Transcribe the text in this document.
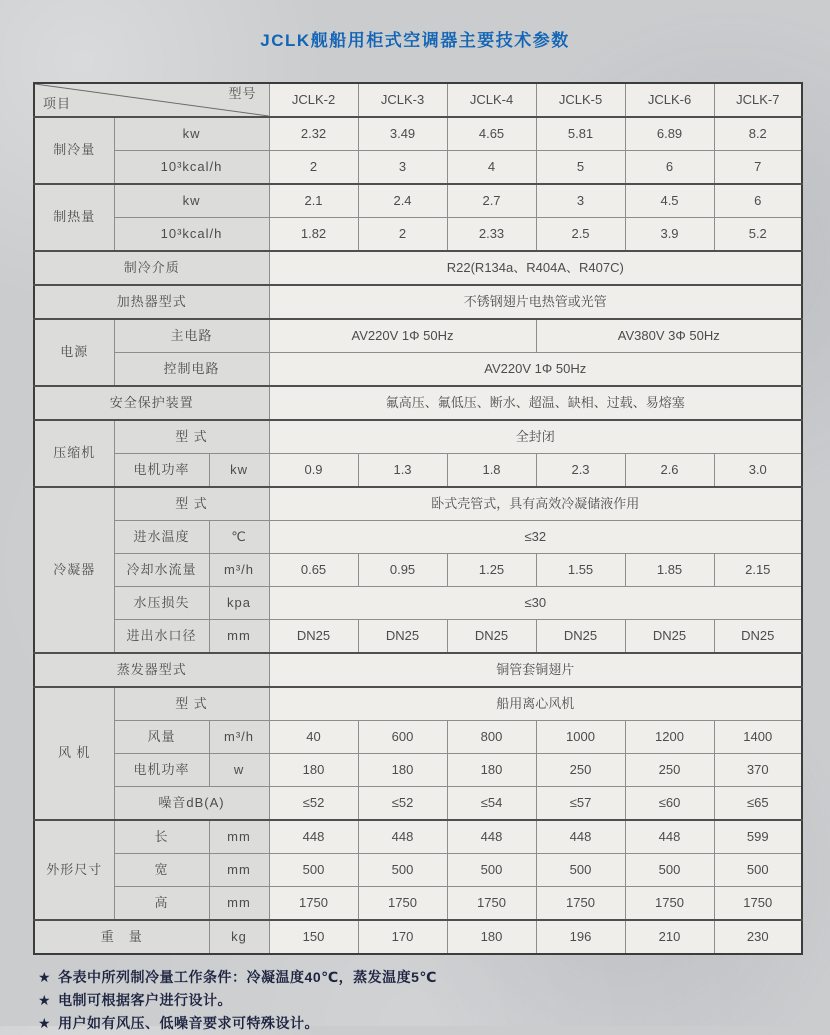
JCLK舰船用柜式空调器主要技术参数
项目
型号			JCLK-2	JCLK-3	JCLK-4	JCLK-5	JCLK-6	JCLK-7
制冷量	kw		2.32	3.49	4.65	5.81	6.89	8.2
	10³kcal/h		2	3	4	5	6	7
制热量	kw		2.1	2.4	2.7	3	4.5	6
	10³kcal/h		1.82	2	2.33	2.5	3.9	5.2
制冷介质			R22(R134a、R404A、R407C)					
加热器型式			不锈钢翅片电热管或光管					
电源	主电路		AV220V 1Φ 50Hz			AV380V 3Φ 50Hz		
	控制电路		AV220V 1Φ 50Hz					
安全保护装置			氟高压、氟低压、断水、超温、缺相、过载、易熔塞					
压缩机	型 式		全封闭					
	电机功率	kw	0.9	1.3	1.8	2.3	2.6	3.0
冷凝器	型 式		卧式壳管式，具有高效冷凝储液作用					
	进水温度	℃	≤32					
	冷却水流量	m³/h	0.65	0.95	1.25	1.55	1.85	2.15
	水压损失	kpa	≤30					
	进出水口径	mm	DN25	DN25	DN25	DN25	DN25	DN25
蒸发器型式			铜管套铜翅片					
风 机	型 式		船用离心风机					
	风量	m³/h	40	600	800	1000	1200	1400
	电机功率	w	180	180	180	250	250	370
	噪音dB(A)		≤52	≤52	≤54	≤57	≤60	≤65
外形尺寸	长	mm	448	448	448	448	448	599
	宽	mm	500	500	500	500	500	500
	高	mm	1750	1750	1750	1750	1750	1750
重　量		kg	150	170	180	196	210	230
★ 各表中所列制冷量工作条件：冷凝温度40℃，蒸发温度5℃
★ 电制可根据客户进行设计。
★ 用户如有风压、低噪音要求可特殊设计。
